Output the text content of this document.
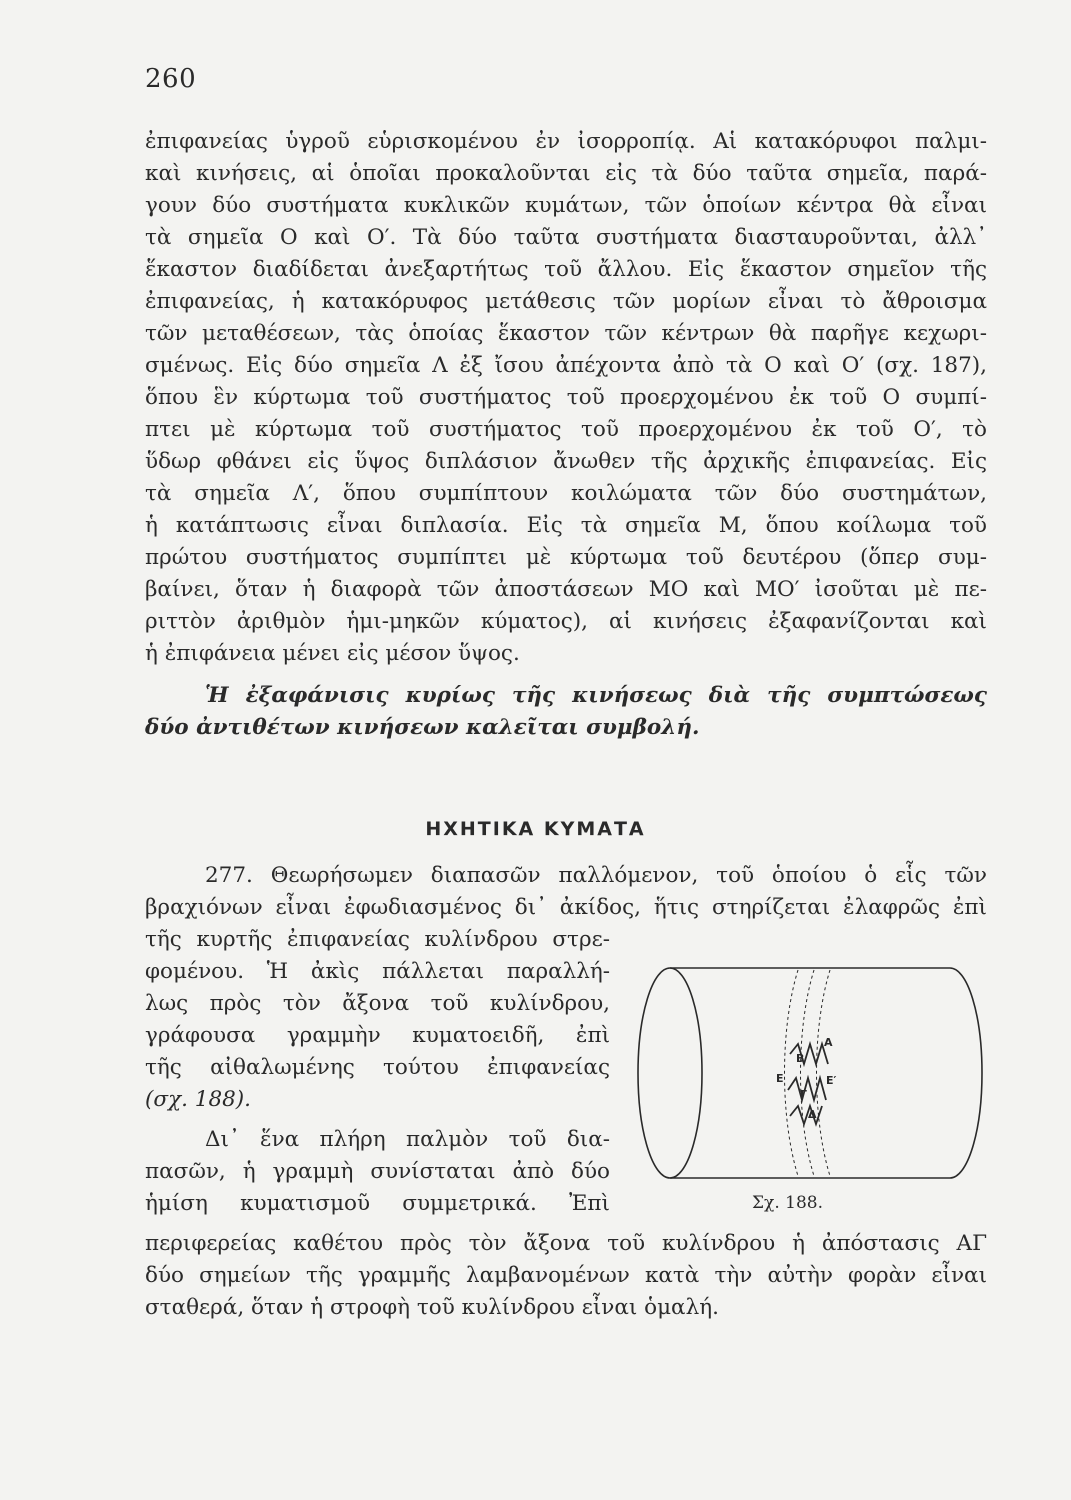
260
ἐπιφανείας ὑγροῦ εὑρισκομένου ἐν ἰσορροπίᾳ. Αἱ κατακόρυφοι παλμι-
καὶ κινήσεις, αἱ ὁποῖαι προκαλοῦνται εἰς τὰ δύο ταῦτα σημεῖα, παρά-
γουν δύο συστήματα κυκλικῶν κυμάτων, τῶν ὁποίων κέντρα θὰ εἶναι
τὰ σημεῖα Ο καὶ Ο′. Τὰ δύο ταῦτα συστήματα διασταυροῦνται, ἀλλ᾽
ἕκαστον διαδίδεται ἀνεξαρτήτως τοῦ ἄλλου. Εἰς ἕκαστον σημεῖον τῆς
ἐπιφανείας, ἡ κατακόρυφος μετάθεσις τῶν μορίων εἶναι τὸ ἄθροισμα
τῶν μεταθέσεων, τὰς ὁποίας ἕκαστον τῶν κέντρων θὰ παρῆγε κεχωρι-
σμένως. Εἰς δύο σημεῖα Λ ἐξ ἴσου ἀπέχοντα ἀπὸ τὰ Ο καὶ Ο′ (σχ. 187),
ὅπου ἓν κύρτωμα τοῦ συστήματος τοῦ προερχομένου ἐκ τοῦ Ο συμπί-
πτει μὲ κύρτωμα τοῦ συστήματος τοῦ προερχομένου ἐκ τοῦ Ο′, τὸ
ὕδωρ φθάνει εἰς ὕψος διπλάσιον ἄνωθεν τῆς ἀρχικῆς ἐπιφανείας. Εἰς
τὰ σημεῖα Λ′, ὅπου συμπίπτουν κοιλώματα τῶν δύο συστημάτων,
ἡ κατάπτωσις εἶναι διπλασία. Εἰς τὰ σημεῖα Μ, ὅπου κοίλωμα τοῦ
πρώτου συστήματος συμπίπτει μὲ κύρτωμα τοῦ δευτέρου (ὅπερ συμ-
βαίνει, ὅταν ἡ διαφορὰ τῶν ἀποστάσεων ΜΟ καὶ ΜΟ′ ἰσοῦται μὲ πε-
ριττὸν ἀριθμὸν ἡμι-μηκῶν κύματος), αἱ κινήσεις ἐξαφανίζονται καὶ
ἡ ἐπιφάνεια μένει εἰς μέσον ὕψος.
Ἡ ἐξαφάνισις κυρίως τῆς κινήσεως διὰ τῆς συμπτώσεως
δύο ἀντιθέτων κινήσεων καλεῖται συμβολή.
ΗΧΗΤΙΚΑ ΚΥΜΑΤΑ
277. Θεωρήσωμεν διαπασῶν παλλόμενον, τοῦ ὁποίου ὁ εἷς τῶν
βραχιόνων εἶναι ἐφωδιασμένος δι᾽ ἀκίδος, ἥτις στηρίζεται ἐλαφρῶς ἐπὶ
τῆς κυρτῆς ἐπιφανείας κυλίνδρου στρε-
φομένου. Ἡ ἀκὶς πάλλεται παραλλή-
λως πρὸς τὸν ἄξονα τοῦ κυλίνδρου,
γράφουσα γραμμὴν κυματοειδῆ, ἐπὶ
τῆς αἰθαλωμένης τούτου ἐπιφανείας
(σχ. 188).
Δι᾽ ἕνα πλήρη παλμὸν τοῦ δια-
πασῶν, ἡ γραμμὴ συνίσταται ἀπὸ δύο
ἡμίση κυματισμοῦ συμμετρικά. Ἐπὶ
περιφερείας καθέτου πρὸς τὸν ἄξονα τοῦ κυλίνδρου ἡ ἀπόστασις ΑΓ
δύο σημείων τῆς γραμμῆς λαμβανομένων κατὰ τὴν αὐτὴν φορὰν εἶναι
σταθερά, ὅταν ἡ στροφὴ τοῦ κυλίνδρου εἶναι ὁμαλή.
Α
Β
Ε	Ε′
Γ
Δ
Σχ. 188.
